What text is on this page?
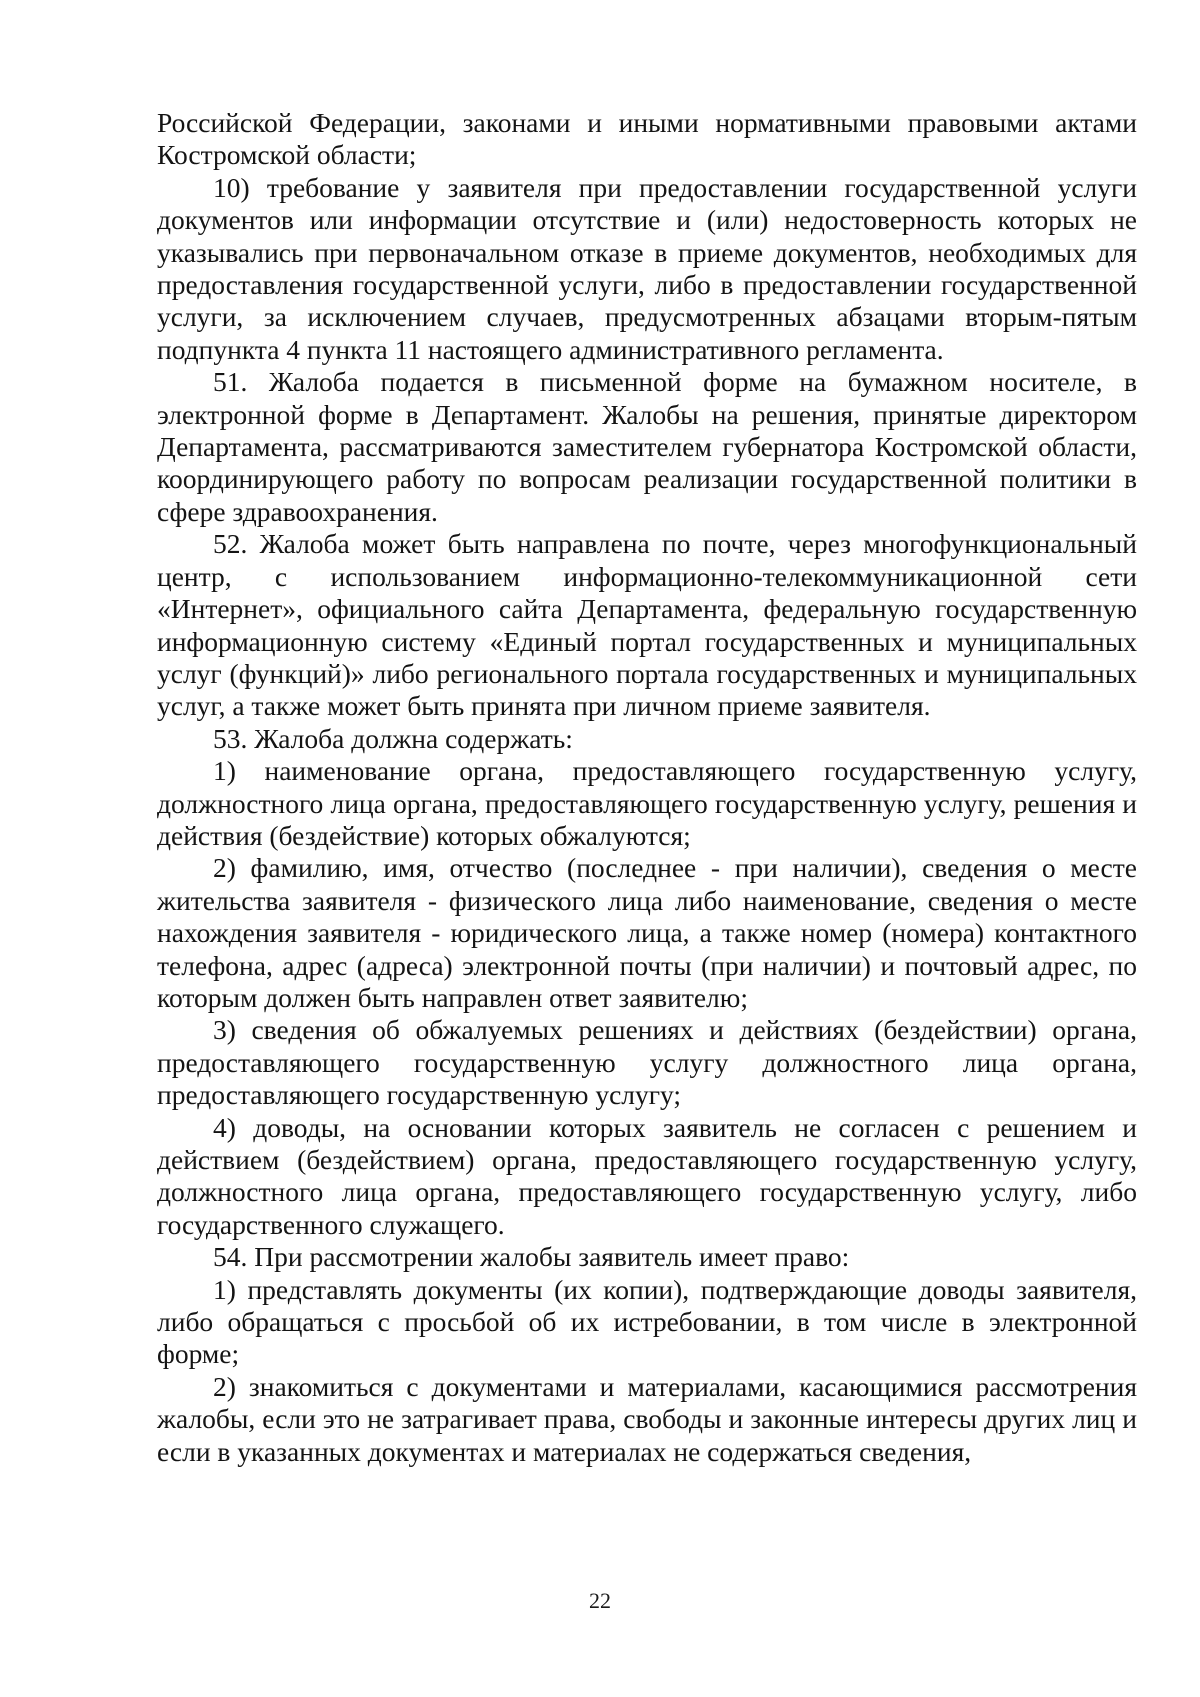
Российской Федерации, законами и иными нормативными правовыми актами Костромской области;

10) требование у заявителя при предоставлении государственной услуги документов или информации отсутствие и (или) недостоверность которых не указывались при первоначальном отказе в приеме документов, необходимых для предоставления государственной услуги, либо в предоставлении государственной услуги, за исключением случаев, предусмотренных абзацами вторым-пятым подпункта 4 пункта 11 настоящего административного регламента.

51. Жалоба подается в письменной форме на бумажном носителе, в электронной форме в Департамент. Жалобы на решения, принятые директором Департамента, рассматриваются заместителем губернатора Костромской области, координирующего работу по вопросам реализации государственной политики в сфере здравоохранения.

52. Жалоба может быть направлена по почте, через многофункциональный центр, с использованием информационно-телекоммуникационной сети «Интернет», официального сайта Департамента, федеральную государственную информационную систему «Единый портал государственных и муниципальных услуг (функций)» либо регионального портала государственных и муниципальных услуг, а также может быть принята при личном приеме заявителя.

53. Жалоба должна содержать:

1) наименование органа, предоставляющего государственную услугу, должностного лица органа, предоставляющего государственную услугу, решения и действия (бездействие) которых обжалуются;

2) фамилию, имя, отчество (последнее - при наличии), сведения о месте жительства заявителя - физического лица либо наименование, сведения о месте нахождения заявителя - юридического лица, а также номер (номера) контактного телефона, адрес (адреса) электронной почты (при наличии) и почтовый адрес, по которым должен быть направлен ответ заявителю;

3) сведения об обжалуемых решениях и действиях (бездействии) органа, предоставляющего государственную услугу должностного лица органа, предоставляющего государственную услугу;

4) доводы, на основании которых заявитель не согласен с решением и действием (бездействием) органа, предоставляющего государственную услугу, должностного лица органа, предоставляющего государственную услугу, либо государственного служащего.

54. При рассмотрении жалобы заявитель имеет право:

1) представлять документы (их копии), подтверждающие доводы заявителя, либо обращаться с просьбой об их истребовании, в том числе в электронной форме;

2) знакомиться с документами и материалами, касающимися рассмотрения жалобы, если это не затрагивает права, свободы и законные интересы других лиц и если в указанных документах и материалах не содержаться сведения,

22
